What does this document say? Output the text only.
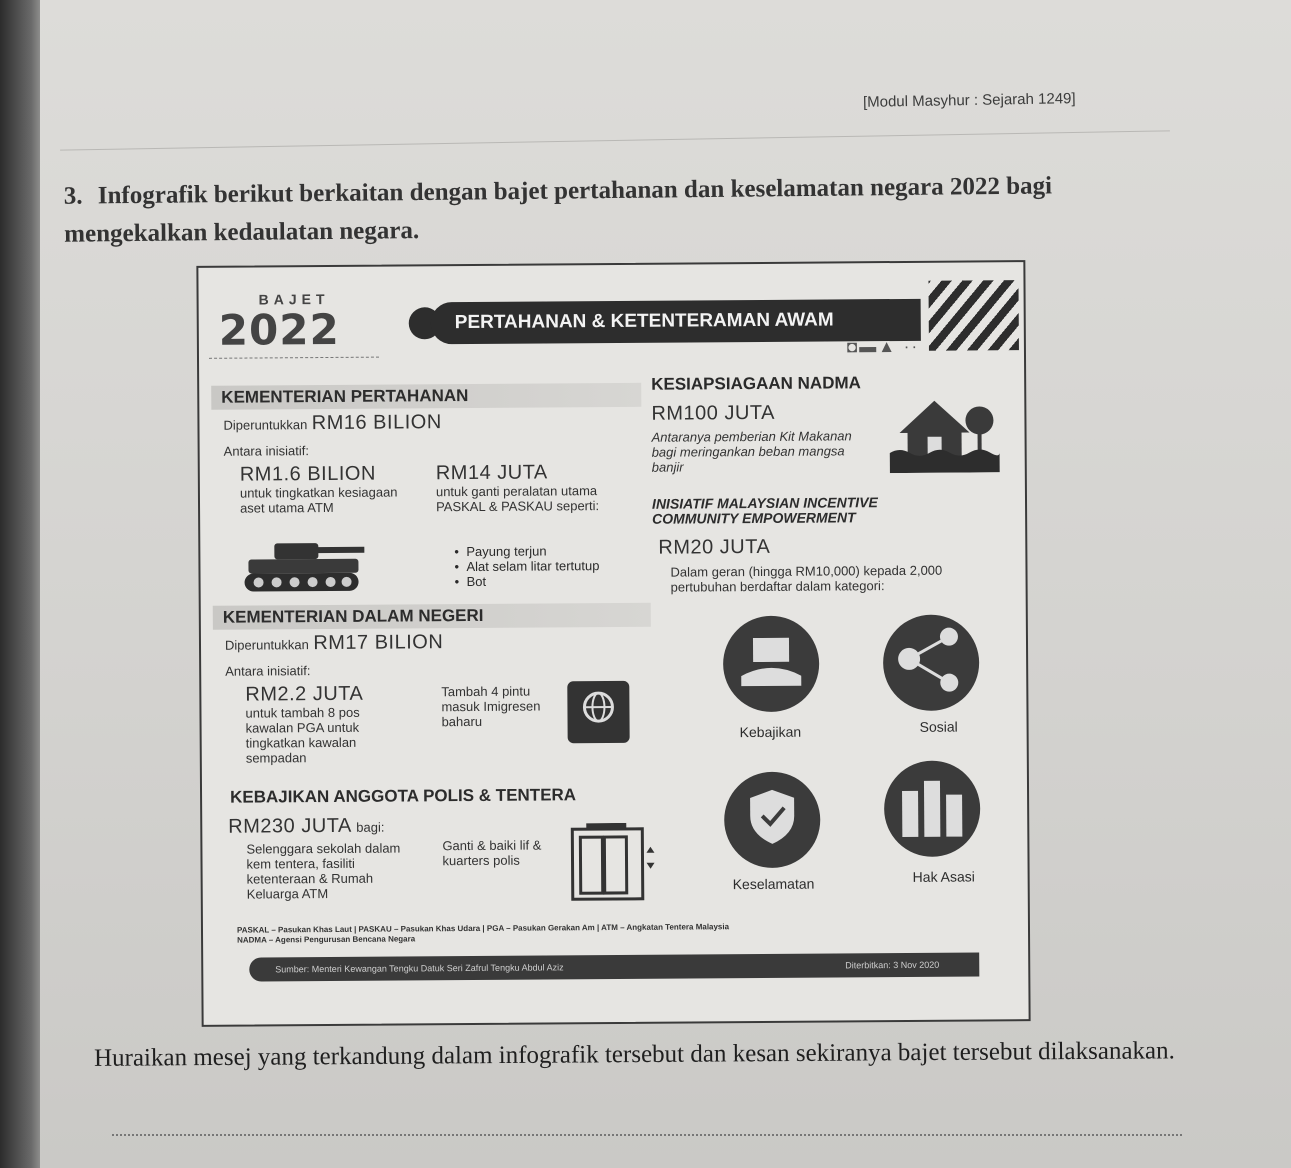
[Modul Masyhur : Sejarah 1249]
3. Infografik berikut berkaitan dengan bajet pertahanan dan keselamatan negara 2022 bagi mengekalkan kedaulatan negara.
BAJET
2022	PERTAHANAN & KETENTERAMAN AWAM
◘▬▲ ··
KEMENTERIAN PERTAHANAN
Diperuntukkan RM16 BILION
Antara inisiatif:
RM1.6 BILION
untuk tingkatkan kesiagaan aset utama ATM
RM14 JUTA
untuk ganti peralatan utama PASKAL & PASKAU seperti:
• Payung terjun
• Alat selam litar tertutup
• Bot
KESIAPSIAGAAN NADMA
RM100 JUTA
Antaranya pemberian Kit Makanan bagi meringankan beban mangsa banjir
INISIATIF MALAYSIAN INCENTIVE COMMUNITY EMPOWERMENT
RM20 JUTA
Dalam geran (hingga RM10,000) kepada 2,000 pertubuhan berdaftar dalam kategori:
Kebajikan	Sosial
Keselamatan	Hak Asasi
KEMENTERIAN DALAM NEGERI
Diperuntukkan RM17 BILION
Antara inisiatif:
RM2.2 JUTA
untuk tambah 8 pos kawalan PGA untuk tingkatkan kawalan sempadan
Tambah 4 pintu masuk Imigresen baharu
KEBAJIKAN ANGGOTA POLIS & TENTERA
RM230 JUTA bagi:
Selenggara sekolah dalam kem tentera, fasiliti ketenteraan & Rumah Keluarga ATM
Ganti & baiki lif & kuarters polis
PASKAL – Pasukan Khas Laut | PASKAU – Pasukan Khas Udara | PGA – Pasukan Gerakan Am | ATM – Angkatan Tentera Malaysia
NADMA – Agensi Pengurusan Bencana Negara
Sumber: Menteri Kewangan Tengku Datuk Seri Zafrul Tengku Abdul Aziz	Diterbitkan: 3 Nov 2020
Huraikan mesej yang terkandung dalam infografik tersebut dan kesan sekiranya bajet tersebut dilaksanakan.
